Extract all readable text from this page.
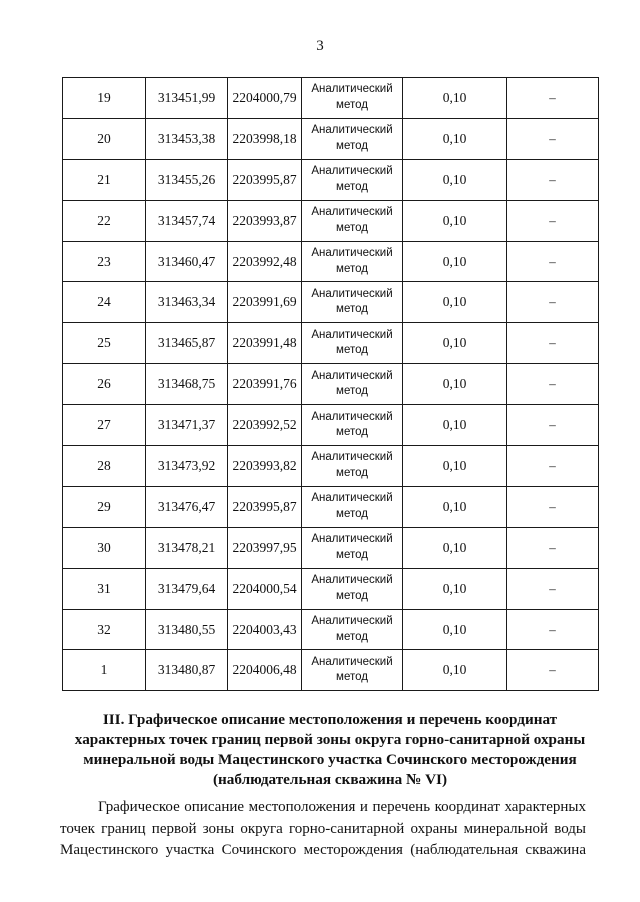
3
19	313451,99	2204000,79	Аналитический метод	0,10	–
20	313453,38	2203998,18	Аналитический метод	0,10	–
21	313455,26	2203995,87	Аналитический метод	0,10	–
22	313457,74	2203993,87	Аналитический метод	0,10	–
23	313460,47	2203992,48	Аналитический метод	0,10	–
24	313463,34	2203991,69	Аналитический метод	0,10	–
25	313465,87	2203991,48	Аналитический метод	0,10	–
26	313468,75	2203991,76	Аналитический метод	0,10	–
27	313471,37	2203992,52	Аналитический метод	0,10	–
28	313473,92	2203993,82	Аналитический метод	0,10	–
29	313476,47	2203995,87	Аналитический метод	0,10	–
30	313478,21	2203997,95	Аналитический метод	0,10	–
31	313479,64	2204000,54	Аналитический метод	0,10	–
32	313480,55	2204003,43	Аналитический метод	0,10	–
1	313480,87	2204006,48	Аналитический метод	0,10	–
III. Графическое описание местоположения и перечень координат характерных точек границ первой зоны округа горно-санитарной охраны минеральной воды Мацестинского участка Сочинского месторождения (наблюдательная скважина № VI)
Графическое описание местоположения и перечень координат характерных точек границ первой зоны округа горно-санитарной охраны минеральной воды Мацестинского участка Сочинского месторождения (наблюдательная скважина
